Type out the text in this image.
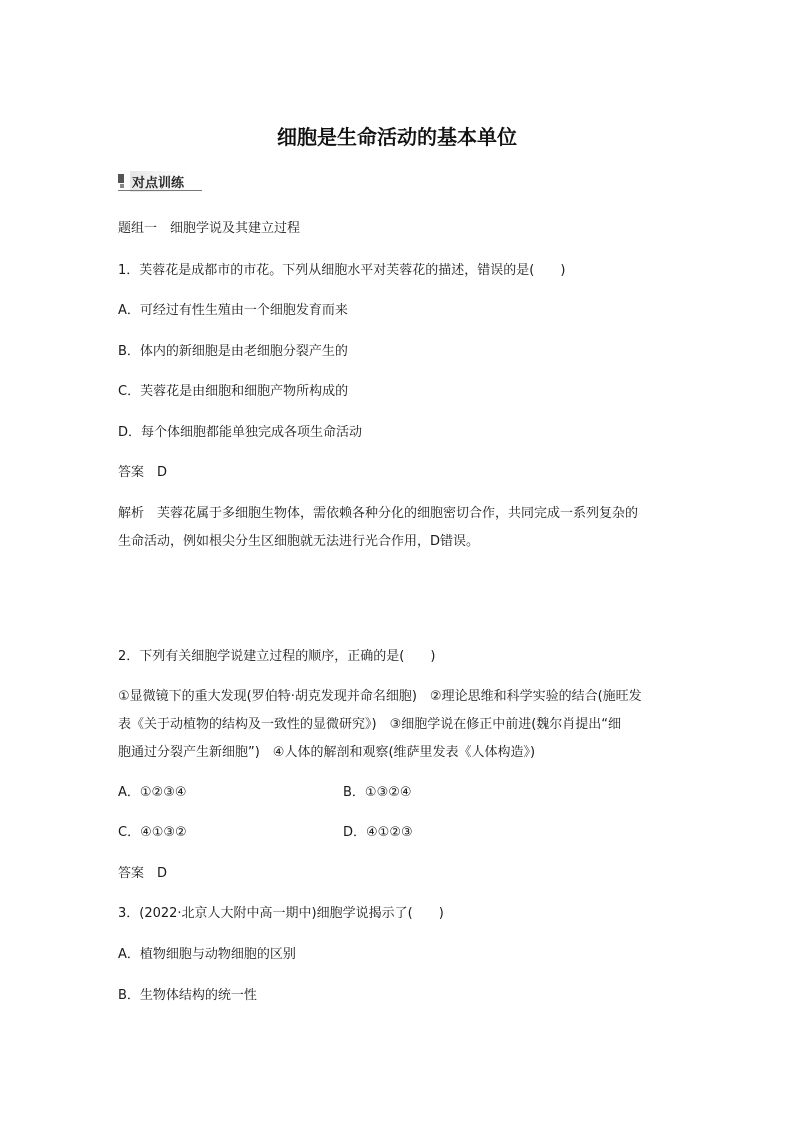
细胞是生命活动的基本单位
对点训练
题组一　细胞学说及其建立过程
1．芙蓉花是成都市的市花。下列从细胞水平对芙蓉花的描述，错误的是(　　)
A．可经过有性生殖由一个细胞发育而来
B．体内的新细胞是由老细胞分裂产生的
C．芙蓉花是由细胞和细胞产物所构成的
D．每个体细胞都能单独完成各项生命活动
答案　D
解析　芙蓉花属于多细胞生物体，需依赖各种分化的细胞密切合作，共同完成一系列复杂的
生命活动，例如根尖分生区细胞就无法进行光合作用，D错误。
2．下列有关细胞学说建立过程的顺序，正确的是(　　)
①显微镜下的重大发现(罗伯特·胡克发现并命名细胞)　②理论思维和科学实验的结合(施旺发
表《关于动植物的结构及一致性的显微研究》)　③细胞学说在修正中前进(魏尔肖提出“细
胞通过分裂产生新细胞”)　④人体的解剖和观察(维萨里发表《人体构造》)
A．①②③④	B．①③②④
C．④①③②	D．④①②③
答案　D
3．(2022·北京人大附中高一期中)细胞学说揭示了(　　)
A．植物细胞与动物细胞的区别
B．生物体结构的统一性
